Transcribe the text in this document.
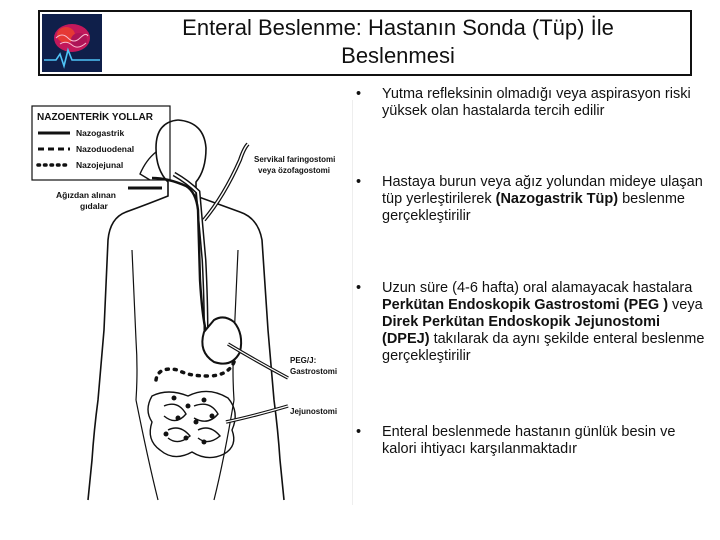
Enteral Beslenme: Hastanın Sonda (Tüp) İle
Beslenmesi
NAZOENTERİK YOLLAR
Nazogastrik
Nazoduodenal
Nazojejunal
Ağızdan alınan
gıdalar
Servikal faringostomi
veya özofagostomi
PEG/J:
Gastrostomi
Jejunostomi
• Yutma refleksinin olmadığı veya aspirasyon riski yüksek olan hastalarda tercih edilir
• Hastaya burun veya ağız yolundan mideye ulaşan tüp yerleştirilerek (Nazogastrik Tüp) beslenme gerçekleştirilir
• Uzun süre (4-6 hafta) oral alamayacak hastalara Perkütan Endoskopik Gastrostomi (PEG ) veya Direk Perkütan Endoskopik Jejunostomi (DPEJ) takılarak da aynı şekilde enteral beslenme gerçekleştirilir
• Enteral beslenmede hastanın günlük besin ve kalori ihtiyacı karşılanmaktadır
